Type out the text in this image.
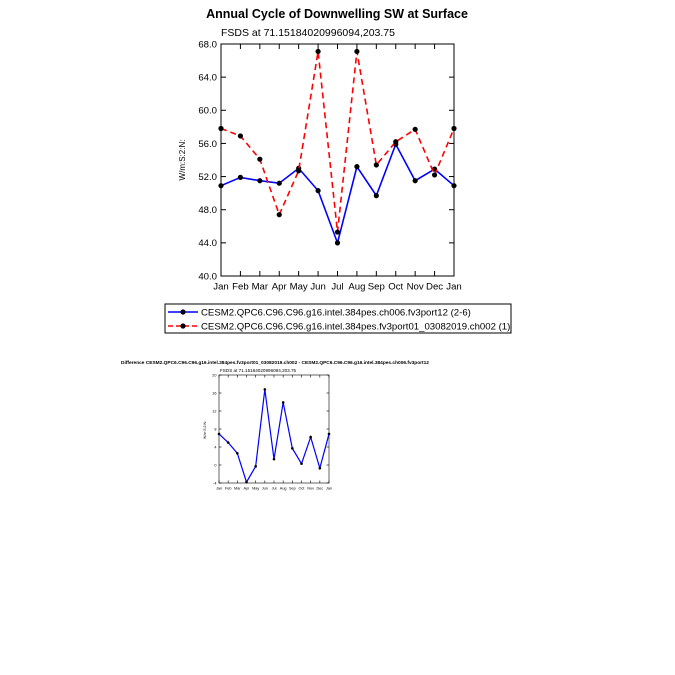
Annual Cycle of Downwelling SW at Surface
FSDS at 71.15184020996094,203.75
W/m:S:2:N:
40.0
44.0
48.0
52.0
56.0
60.0
64.0
68.0
Jan Feb Mar Apr May Jun Jul Aug Sep Oct Nov Dec Jan
CESM2.QPC6.C96.C96.g16.intel.384pes.ch006.fv3port12 (2-6)
CESM2.QPC6.C96.C96.g16.intel.384pes.fv3port01_03082019.ch002 (1)
Difference CESM2.QPC6.C96.C96.g16.intel.384pes.fv3port01_03082019.ch002 - CESM2.QPC6.C96.C96.g16.intel.384pes.ch006.fv3port12
FSDS at 71.15184020996094,203.75
W/m:S:2:N:
-4
0
4
8
12
16
20
Jan Feb Mar Apr May Jun Jul Aug Sep Oct Nov Dec Jan
